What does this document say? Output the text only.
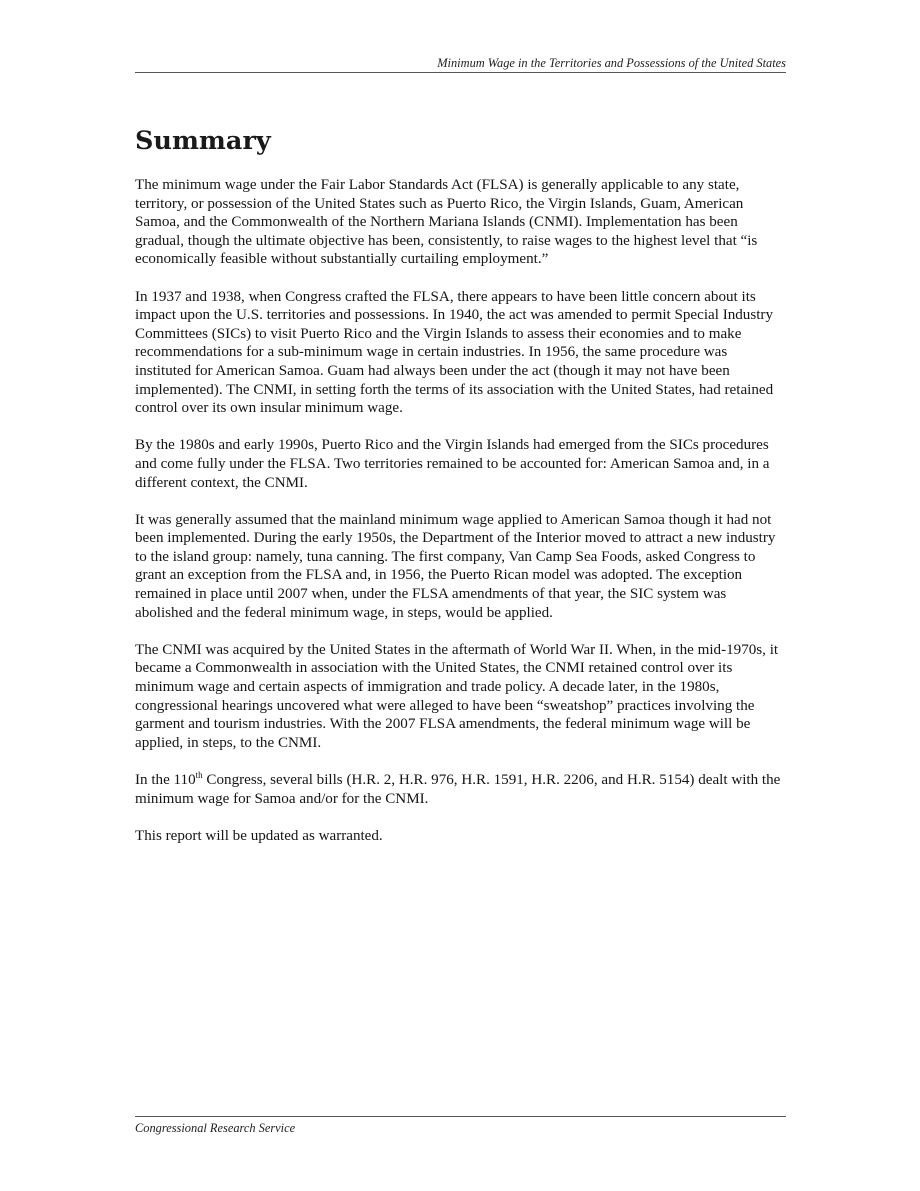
Minimum Wage in the Territories and Possessions of the United States
Summary

The minimum wage under the Fair Labor Standards Act (FLSA) is generally applicable to any state, territory, or possession of the United States such as Puerto Rico, the Virgin Islands, Guam, American Samoa, and the Commonwealth of the Northern Mariana Islands (CNMI). Implementation has been gradual, though the ultimate objective has been, consistently, to raise wages to the highest level that “is economically feasible without substantially curtailing employment.”

In 1937 and 1938, when Congress crafted the FLSA, there appears to have been little concern about its impact upon the U.S. territories and possessions. In 1940, the act was amended to permit Special Industry Committees (SICs) to visit Puerto Rico and the Virgin Islands to assess their economies and to make recommendations for a sub-minimum wage in certain industries. In 1956, the same procedure was instituted for American Samoa. Guam had always been under the act (though it may not have been implemented). The CNMI, in setting forth the terms of its association with the United States, had retained control over its own insular minimum wage.

By the 1980s and early 1990s, Puerto Rico and the Virgin Islands had emerged from the SICs procedures and come fully under the FLSA. Two territories remained to be accounted for: American Samoa and, in a different context, the CNMI.

It was generally assumed that the mainland minimum wage applied to American Samoa though it had not been implemented. During the early 1950s, the Department of the Interior moved to attract a new industry to the island group: namely, tuna canning. The first company, Van Camp Sea Foods, asked Congress to grant an exception from the FLSA and, in 1956, the Puerto Rican model was adopted. The exception remained in place until 2007 when, under the FLSA amendments of that year, the SIC system was abolished and the federal minimum wage, in steps, would be applied.

The CNMI was acquired by the United States in the aftermath of World War II. When, in the mid-1970s, it became a Commonwealth in association with the United States, the CNMI retained control over its minimum wage and certain aspects of immigration and trade policy. A decade later, in the 1980s, congressional hearings uncovered what were alleged to have been “sweatshop” practices involving the garment and tourism industries. With the 2007 FLSA amendments, the federal minimum wage will be applied, in steps, to the CNMI.

In the 110th Congress, several bills (H.R. 2, H.R. 976, H.R. 1591, H.R. 2206, and H.R. 5154) dealt with the minimum wage for Samoa and/or for the CNMI.

This report will be updated as warranted.

Congressional Research Service
